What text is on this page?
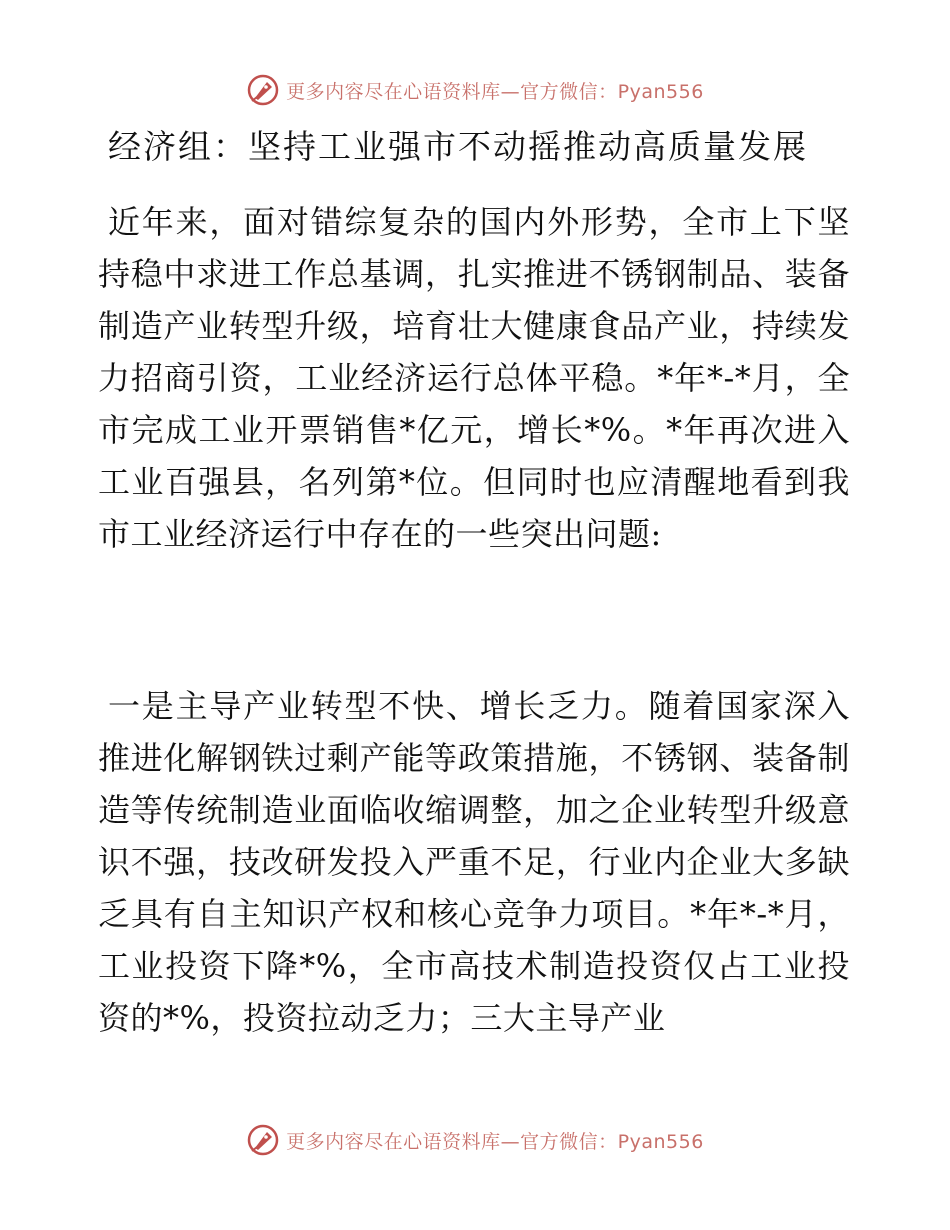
更多内容尽在心语资料库—官方微信：Pyan556
经济组：坚持工业强市不动摇推动高质量发展

近年来，面对错综复杂的国内外形势，全市上下坚持稳中求进工作总基调，扎实推进不锈钢制品、装备制造产业转型升级，培育壮大健康食品产业，持续发力招商引资，工业经济运行总体平稳。*年*-*月，全市完成工业开票销售*亿元，增长*%。*年再次进入工业百强县，名列第*位。但同时也应清醒地看到我市工业经济运行中存在的一些突出问题:

一是主导产业转型不快、增长乏力。随着国家深入推进化解钢铁过剩产能等政策措施，不锈钢、装备制造等传统制造业面临收缩调整，加之企业转型升级意识不强，技改研发投入严重不足，行业内企业大多缺乏具有自主知识产权和核心竞争力项目。*年*-*月，工业投资下降*%，全市高技术制造投资仅占工业投资的*%，投资拉动乏力；三大主导产业

更多内容尽在心语资料库—官方微信：Pyan556
